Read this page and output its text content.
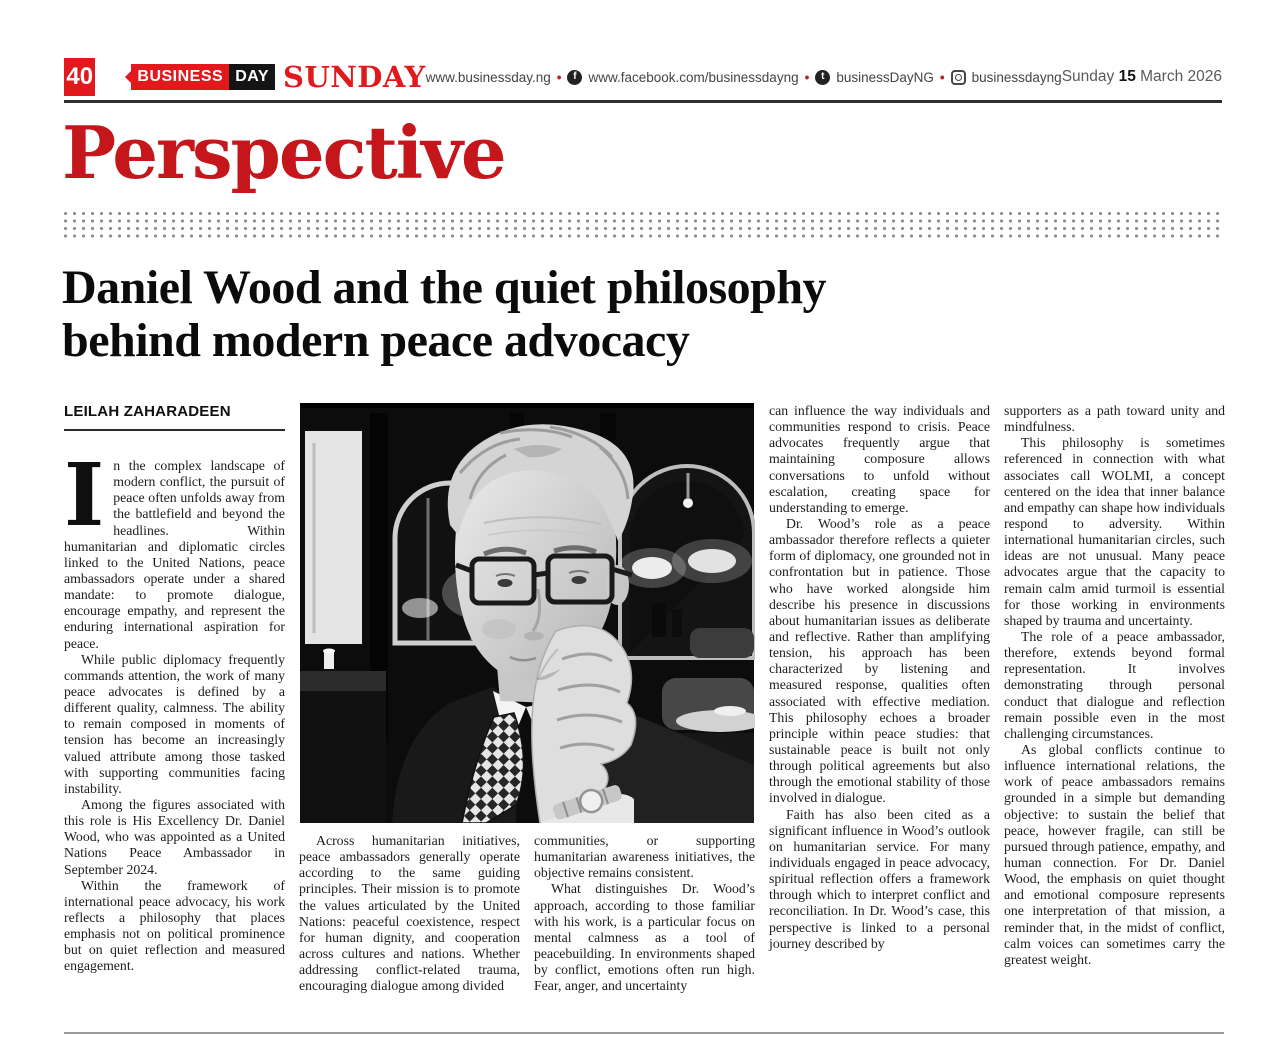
40	BUSINESS DAY SUNDAY www.businessday.ng •	f www.facebook.com/businessdayng •	t businessDayNG • businessdayng Sunday 15 March 2026
Perspective
Daniel Wood and the quiet philosophy
behind modern peace advocacy
LEILAH ZAHARADEEN

In the complex landscape of modern conflict, the pursuit of peace often unfolds away from the battlefield and beyond the headlines. Within humanitarian and diplomatic circles linked to the United Nations, peace ambassadors operate under a shared mandate: to promote dialogue, encourage empathy, and represent the enduring international aspiration for peace.

While public diplomacy frequently commands attention, the work of many peace advocates is defined by a different quality, calmness. The ability to remain composed in moments of tension has become an increasingly valued attribute among those tasked with supporting communities facing instability.

Among the figures associated with this role is His Excellency Dr. Daniel Wood, who was appointed as a United Nations Peace Ambassador in September 2024.

Within the framework of international peace advocacy, his work reflects a philosophy that places emphasis not on political prominence but on quiet reflection and measured engagement.

Across humanitarian initiatives, peace ambassadors generally operate according to the same guiding principles. Their mission is to promote the values articulated by the United Nations: peaceful coexistence, respect for human dignity, and cooperation across cultures and nations. Whether addressing conflict-related trauma, encouraging dialogue among divided

communities, or supporting humanitarian awareness initiatives, the objective remains consistent.

What distinguishes Dr. Wood’s approach, according to those familiar with his work, is a particular focus on mental calmness as a tool of peacebuilding. In environments shaped by conflict, emotions often run high. Fear, anger, and uncertainty

can influence the way individuals and communities respond to crisis. Peace advocates frequently argue that maintaining composure allows conversations to unfold without escalation, creating space for understanding to emerge.

Dr. Wood’s role as a peace ambassador therefore reflects a quieter form of diplomacy, one grounded not in confrontation but in patience. Those who have worked alongside him describe his presence in discussions about humanitarian issues as deliberate and reflective. Rather than amplifying tension, his approach has been characterized by listening and measured response, qualities often associated with effective mediation. This philosophy echoes a broader principle within peace studies: that sustainable peace is built not only through political agreements but also through the emotional stability of those involved in dialogue.

Faith has also been cited as a significant influence in Wood’s outlook on humanitarian service. For many individuals engaged in peace advocacy, spiritual reflection offers a framework through which to interpret conflict and reconciliation. In Dr. Wood’s case, this perspective is linked to a personal journey described by

supporters as a path toward unity and mindfulness.

This philosophy is sometimes referenced in connection with what associates call WOLMI, a concept centered on the idea that inner balance and empathy can shape how individuals respond to adversity. Within international humanitarian circles, such ideas are not unusual. Many peace advocates argue that the capacity to remain calm amid turmoil is essential for those working in environments shaped by trauma and uncertainty.

The role of a peace ambassador, therefore, extends beyond formal representation. It involves demonstrating through personal conduct that dialogue and reflection remain possible even in the most challenging circumstances.

As global conflicts continue to influence international relations, the work of peace ambassadors remains grounded in a simple but demanding objective: to sustain the belief that peace, however fragile, can still be pursued through patience, empathy, and human connection. For Dr. Daniel Wood, the emphasis on quiet thought and emotional composure represents one interpretation of that mission, a reminder that, in the midst of conflict, calm voices can sometimes carry the greatest weight.
